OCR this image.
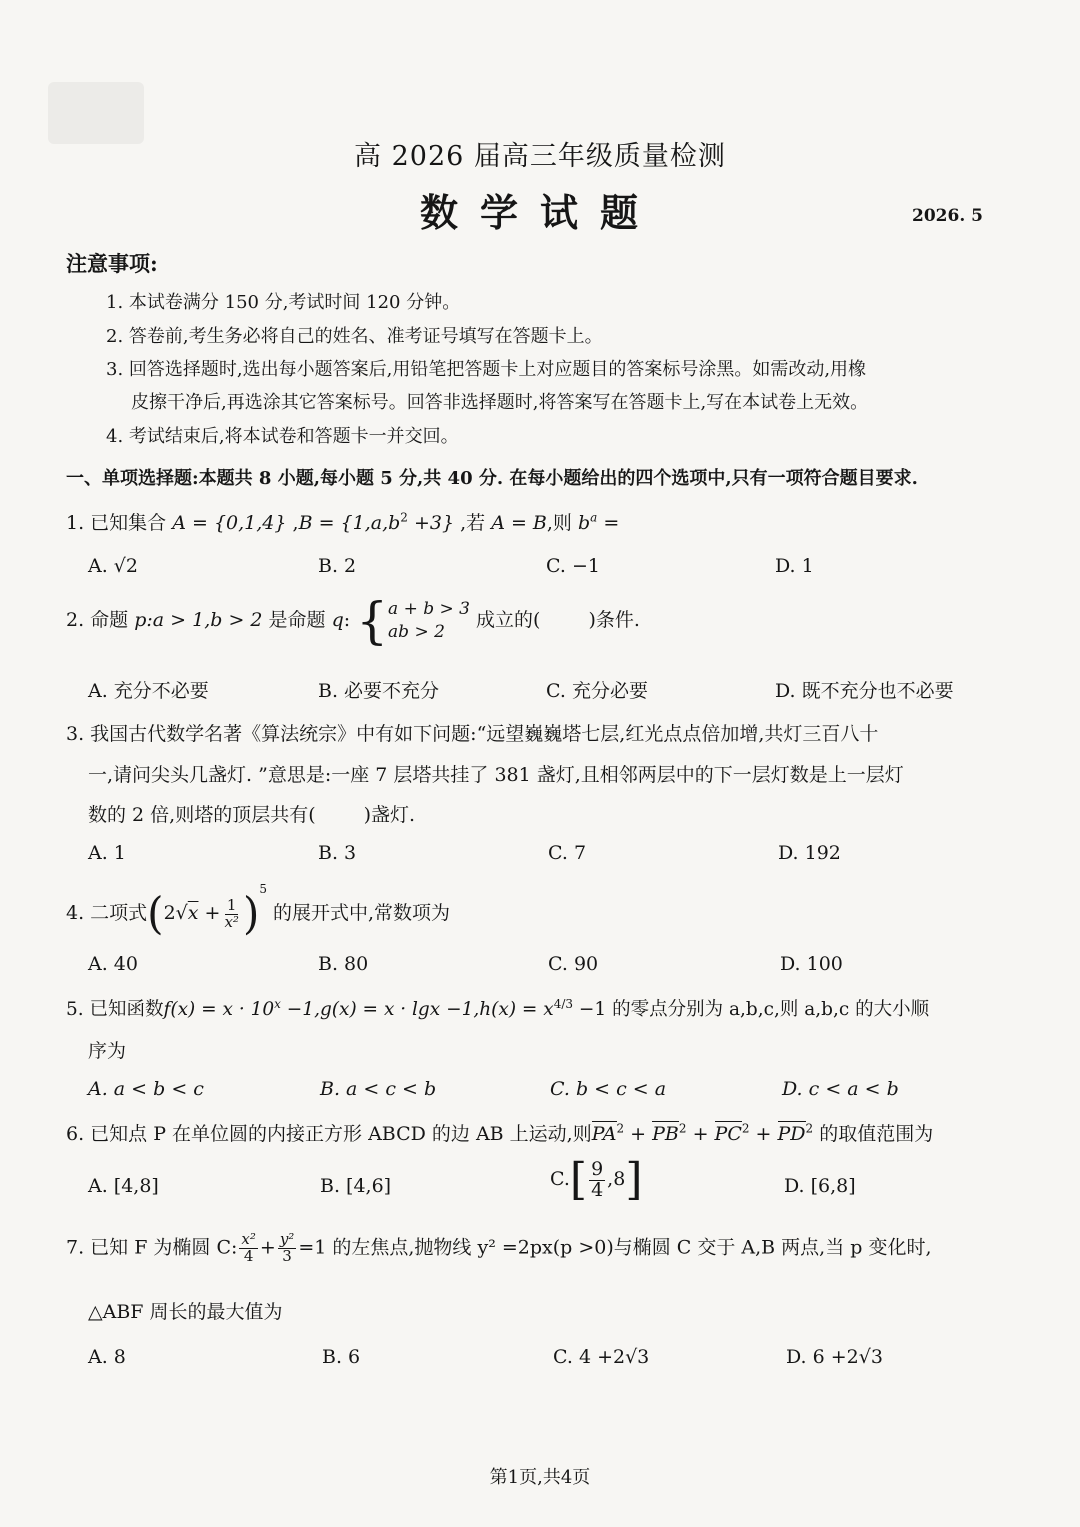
高 2026 届高三年级质量检测
数学试题	2026. 5
注意事项:
1. 本试卷满分 150 分,考试时间 120 分钟。
2. 答卷前,考生务必将自己的姓名、准考证号填写在答题卡上。
3. 回答选择题时,选出每小题答案后,用铅笔把答题卡上对应题目的答案标号涂黑。如需改动,用橡
皮擦干净后,再选涂其它答案标号。回答非选择题时,将答案写在答题卡上,写在本试卷上无效。
4. 考试结束后,将本试卷和答题卡一并交回。
一、单项选择题:本题共 8 小题,每小题 5 分,共 40 分. 在每小题给出的四个选项中,只有一项符合题目要求.
1. 已知集合 A = {0,1,4} $,B = \{1,a,b^2 +3\}$ ,若 A = B,则 $b^a$ =
A. √2	B. 2	C. −1	D. 1
2. 命题 p:a > 1,b > 2 是命题 q: { a + b > 3
ab > 2
成立的(	)条件.
A. 充分不必要	B. 必要不充分	C. 充分必要	D. 既不充分也不必要
3. 我国古代数学名著《算法统宗》中有如下问题:“远望巍巍塔七层,红光点点倍加增,共灯三百八十
一,请问尖头几盏灯. ”意思是:一座 7 层塔共挂了 381 盏灯,且相邻两层中的下一层灯数是上一层灯
数的 2 倍,则塔的顶层共有(	)盏灯.
A. 1	B. 3	C. 7	D. 192
4. 二项式$(2√x + \frac{1}{\text{x²}} )^5$ 的展开式中,常数项为
A. 40	B. 80	C. 90	D. 100
5. 已知函数$f(x) = x \cdot 10^x -1,g(x) = x \cdot \lg x -1,h(x) = x^{4/3} -1$ 的零点分别为 a,b,c,则 a,b,c 的大小顺
序为
A. a < b < c	B. a < c < b	C. b < c < a	D. c < a < b
6. 已知点 P 在单位圆的内接正方形 ABCD 的边 AB 上运动,则$PA^2 + PB^2 + PC^2 + PD^2$ 的取值范围为
A. [4,8]	B. [4,6]	$C.[ \frac{9}{4} ,8]$	D. [6,8]
7. 已知 F 为椭圆 C: $\frac{\text{x²}}{4} + \frac{\text{y²}}{3} =1$ 的左焦点,抛物线 y² =2px(p >0)与椭圆 C 交于 A,B 两点,当 p 变化时,
△ABF 周长的最大值为
A. 8	B. 6	C. 4 +2√3	D. 6 +2√3
第1页,共4页
